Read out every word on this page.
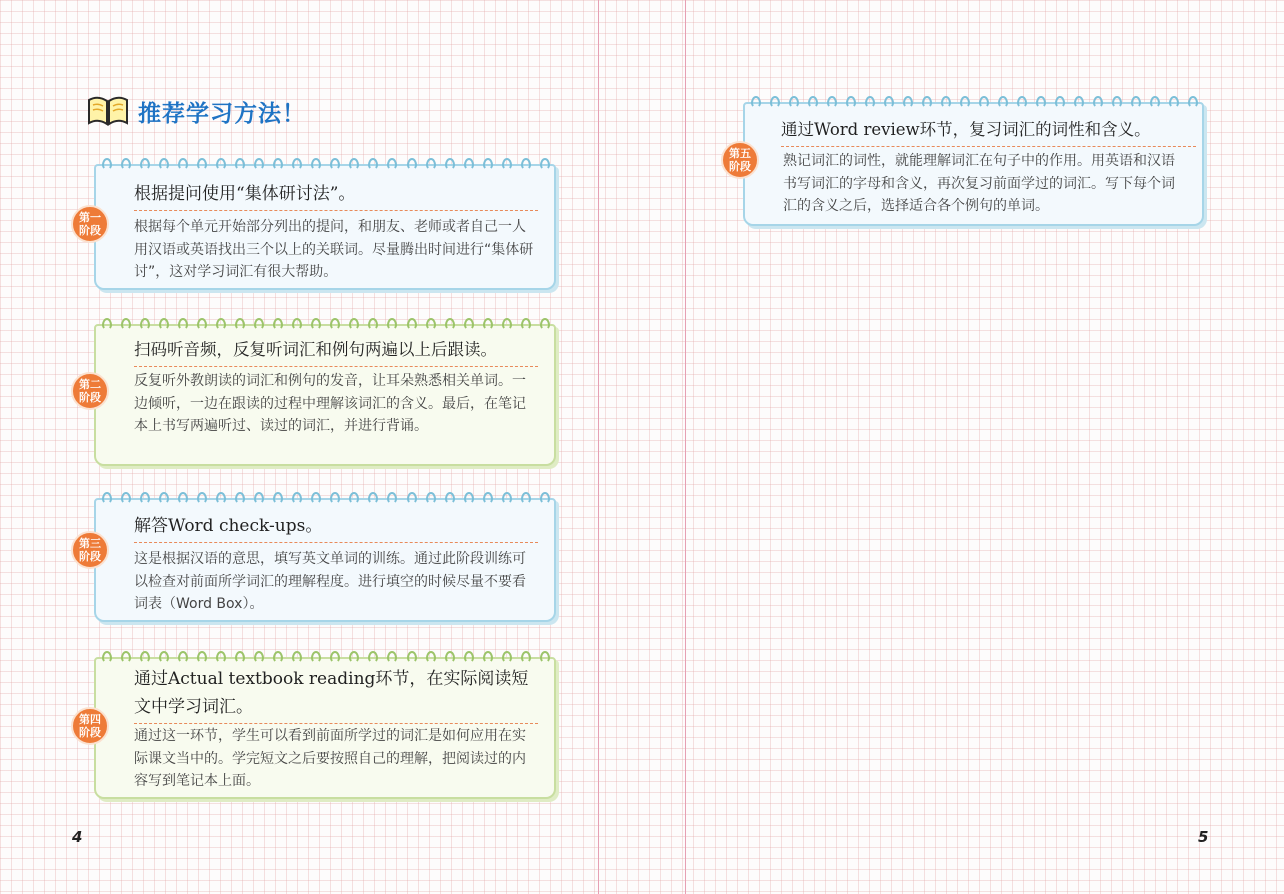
推荐学习方法！
根据提问使用“集体研讨法”。
根据每个单元开始部分列出的提问，和朋友、老师或者自己一人用汉语或英语找出三个以上的关联词。尽量腾出时间进行“集体研讨”，这对学习词汇有很大帮助。
第一
阶段
扫码听音频，反复听词汇和例句两遍以上后跟读。
反复听外教朗读的词汇和例句的发音，让耳朵熟悉相关单词。一边倾听，一边在跟读的过程中理解该词汇的含义。最后，在笔记本上书写两遍听过、读过的词汇，并进行背诵。
第二
阶段
解答Word check-ups。
这是根据汉语的意思，填写英文单词的训练。通过此阶段训练可以检查对前面所学词汇的理解程度。进行填空的时候尽量不要看词表（Word Box）。
第三
阶段
通过Actual textbook reading环节，在实际阅读短文中学习词汇。
通过这一环节，学生可以看到前面所学过的词汇是如何应用在实际课文当中的。学完短文之后要按照自己的理解，把阅读过的内容写到笔记本上面。
第四
阶段
4
通过Word review环节，复习词汇的词性和含义。
熟记词汇的词性，就能理解词汇在句子中的作用。用英语和汉语书写词汇的字母和含义，再次复习前面学过的词汇。写下每个词汇的含义之后，选择适合各个例句的单词。
第五
阶段
5
